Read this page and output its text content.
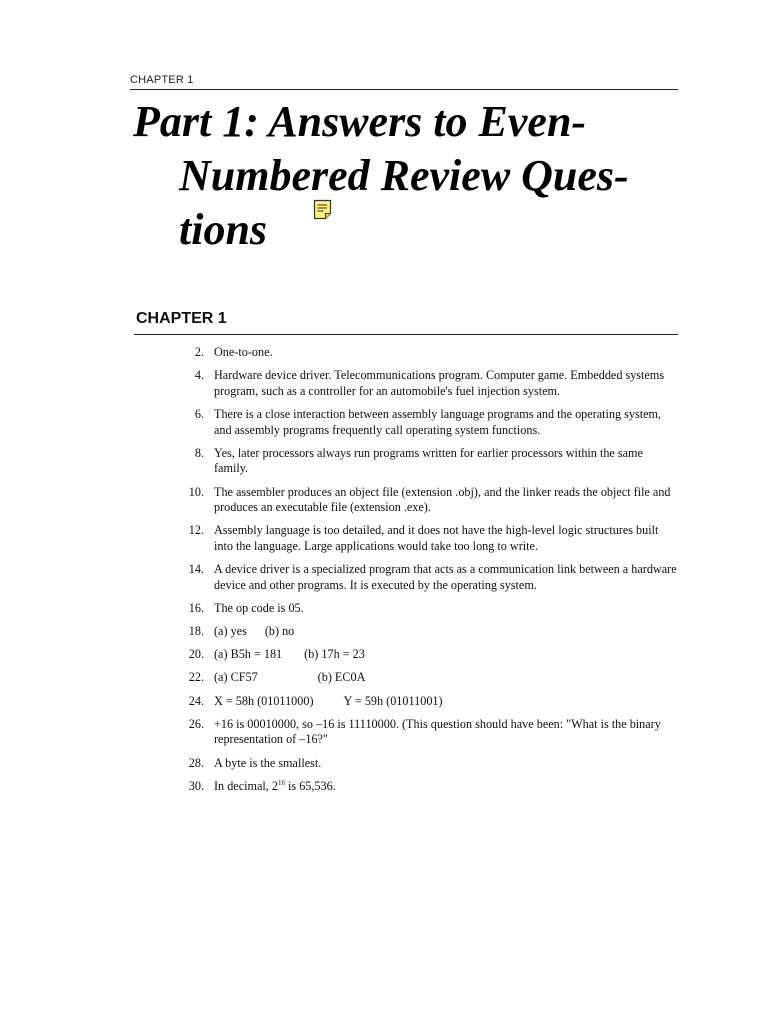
CHAPTER 1
Part 1: Answers to Even-
Numbered Review Ques-
tions
CHAPTER 1
2. One-to-one.
4. Hardware device driver. Telecommunications program. Computer game. Embedded systems program, such as a controller for an automobile's fuel injection system.
6. There is a close interaction between assembly language programs and the operating system, and assembly programs frequently call operating system functions.
8. Yes, later processors always run programs written for earlier processors within the same family.
10. The assembler produces an object file (extension .obj), and the linker reads the object file and produces an executable file (extension .exe).
12. Assembly language is too detailed, and it does not have the high-level logic structures built into the language. Large applications would take too long to write.
14. A device driver is a specialized program that acts as a communication link between a hardware device and other programs. It is executed by the operating system.
16. The op code is 05.
18. (a) yes (b) no
20. (a) B5h = 181 (b) 17h = 23
22. (a) CF57	(b) EC0A
24. X = 58h (01011000) Y = 59h (01011001)
26. +16 is 00010000, so –16 is 11110000. (This question should have been: "What is the binary representation of –16?"
28. A byte is the smallest.
30. In decimal, $2^{16}$ is 65,536.
